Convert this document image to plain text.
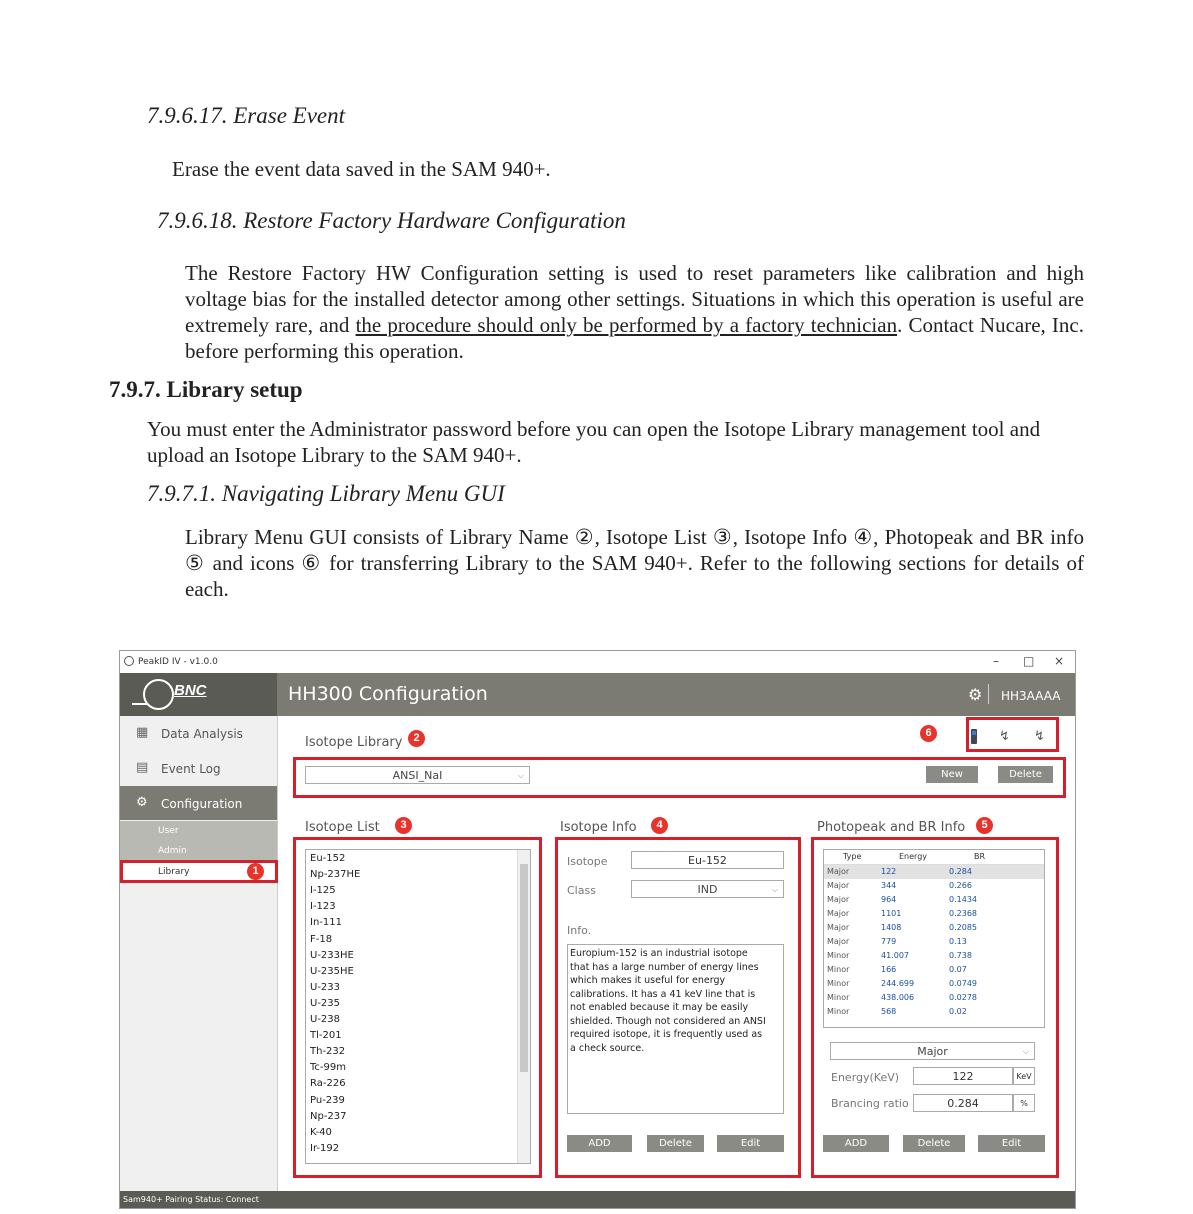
7.9.6.17. Erase Event
Erase the event data saved in the SAM 940+.
7.9.6.18. Restore Factory Hardware Configuration
The Restore Factory HW Configuration setting is used to reset parameters like calibration and high voltage bias for the installed detector among other settings. Situations in which this operation is useful are extremely rare, and the procedure should only be performed by a factory technician. Contact Nucare, Inc. before performing this operation.
7.9.7. Library setup
You must enter the Administrator password before you can open the Isotope Library management tool and upload an Isotope Library to the SAM 940+.
7.9.7.1. Navigating Library Menu GUI
Library Menu GUI consists of Library Name ②, Isotope List ③, Isotope Info ④, Photopeak and BR info ⑤ and icons ⑥ for transferring Library to the SAM 940+. Refer to the following sections for details of each.
PeakID IV - v1.0.0	– □ ×
BNC	HH300 Configuration	⚙ HH3AAAA
▦ Data Analysis
▤ Event Log
⚙ Configuration
User
Admin
Library	1
Sam940+ Pairing Status: Connect
Isotope Library 2
ANSI_NaI	⌵	New	Delete
6	↯ ↯
Isotope List	3
Eu-152
Np-237HE
I-125
I-123
In-111
F-18
U-233HE
U-235HE
U-233
U-235
U-238
Tl-201
Th-232
Tc-99m
Ra-226
Pu-239
Np-237
K-40
Ir-192
Isotope Info	4
Isotope	Eu-152
Class	IND	⌵
Info.
Europium-152 is an industrial isotope that has a large number of energy lines which makes it useful for energy calibrations. It has a 41 keV line that is not enabled because it may be easily shielded. Though not considered an ANSI required isotope, it is frequently used as a check source.
ADD	Delete	Edit
Photopeak and BR Info	5
Type	Energy	BR
Major	122	0.284
Major	344	0.266
Major	964	0.1434
Major	1101	0.2368
Major	1408	0.2085
Major	779	0.13
Minor	41.007	0.738
Minor	166	0.07
Minor	244.699	0.0749
Minor	438.006	0.0278
Minor	568	0.02
Major	⌵
Energy(KeV)	122	KeV
Brancing ratio	0.284	%
ADD	Delete	Edit
